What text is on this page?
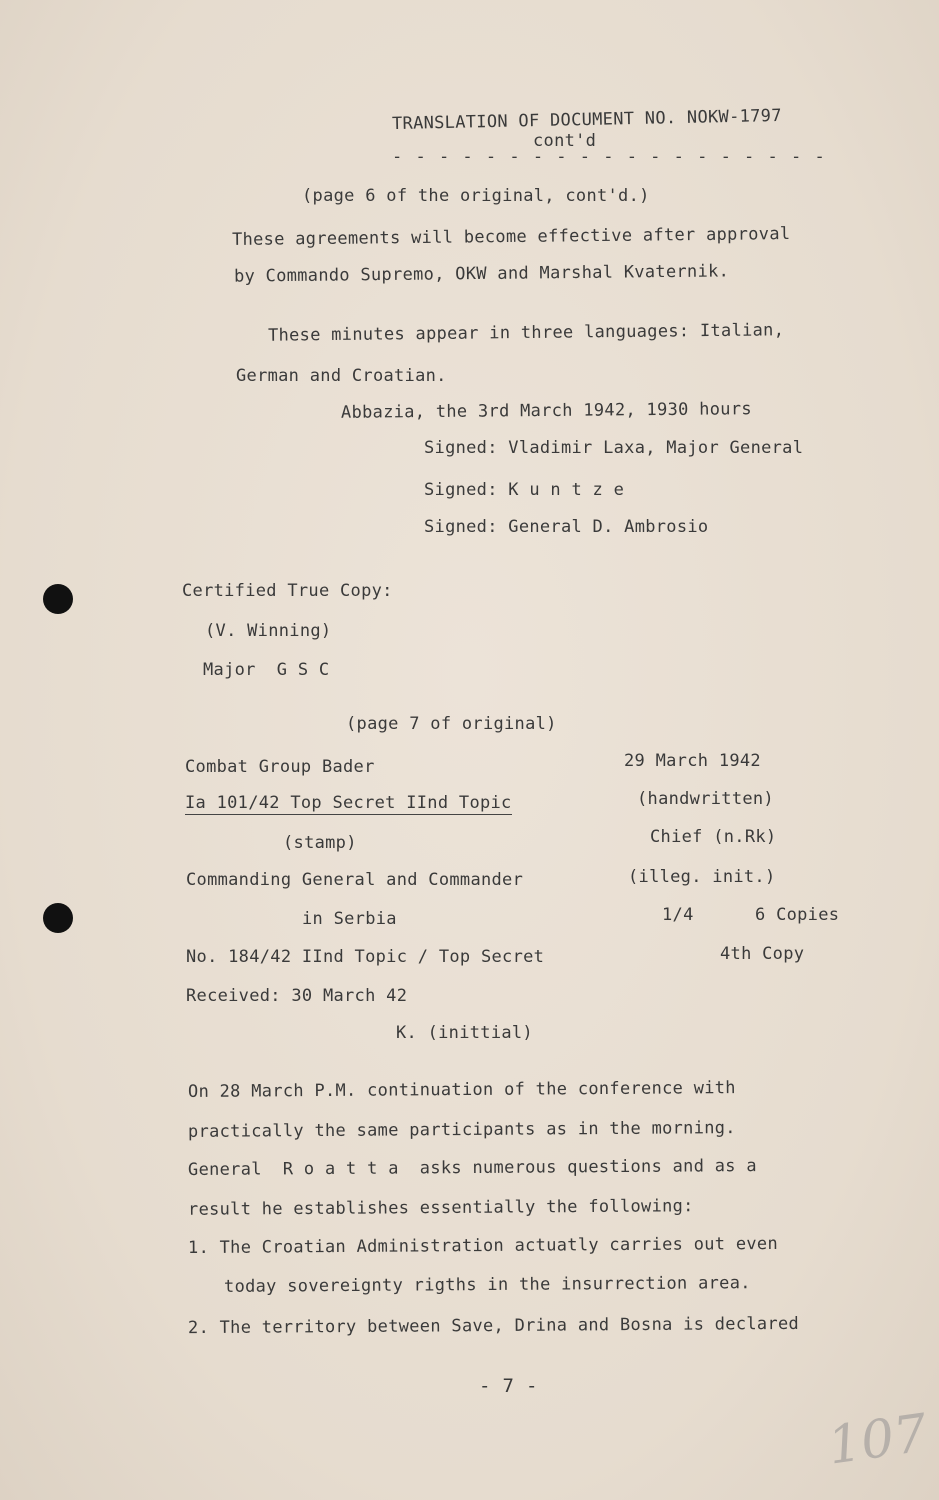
TRANSLATION OF DOCUMENT NO. NOKW-1797
cont'd
- - - - - - - - - - - - - - - - - - -
(page 6 of the original, cont'd.)
These agreements will become effective after approval
by Commando Supremo, OKW and Marshal Kvaternik.
These minutes appear in three languages: Italian,
German and Croatian.
Abbazia, the 3rd March 1942, 1930 hours
Signed: Vladimir Laxa, Major General
Signed: K u n t z e
Signed: General D. Ambrosio
Certified True Copy:
(V. Winning)
Major  G S C
(page 7 of original)
Combat Group Bader
Ia 101/42 Top Secret IInd Topic
(stamp)
Commanding General and Commander
in Serbia
No. 184/42 IInd Topic / Top Secret
Received: 30 March 42
K. (inittial)
29 March 1942
(handwritten)
Chief (n.Rk)
(illeg. init.)
1/4	6 Copies
4th Copy
On 28 March P.M. continuation of the conference with
practically the same participants as in the morning.
General  R o a t t a  asks numerous questions and as a
result he establishes essentially the following:
1. The Croatian Administration actuatly carries out even
today sovereignty rigths in the insurrection area.
2. The territory between Save, Drina and Bosna is declared
- 7 -
107
